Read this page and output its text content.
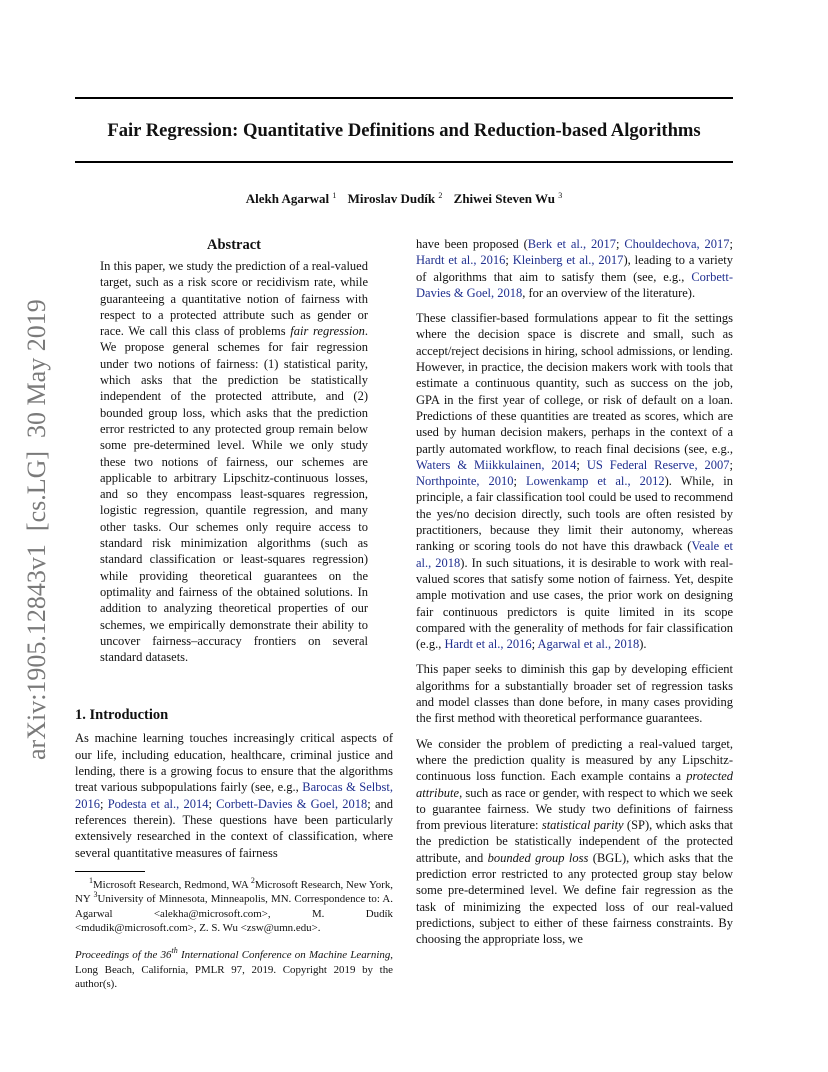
Fair Regression: Quantitative Definitions and Reduction-based Algorithms
Alekh Agarwal $^1$ Miroslav Dudík $^2$ Zhiwei Steven Wu $^3$
arXiv:1905.12843v1  [cs.LG]  30 May 2019
Abstract

In this paper, we study the prediction of a real-valued target, such as a risk score or recidivism rate, while guaranteeing a quantitative notion of fairness with respect to a protected attribute such as gender or race. We call this class of problems fair regression. We propose general schemes for fair regression under two notions of fairness: (1) statistical parity, which asks that the prediction be statistically independent of the protected attribute, and (2) bounded group loss, which asks that the prediction error restricted to any protected group remain below some pre-determined level. While we only study these two notions of fairness, our schemes are applicable to arbitrary Lipschitz-continuous losses, and so they encompass least-squares regression, logistic regression, quantile regression, and many other tasks. Our schemes only require access to standard risk minimization algorithms (such as standard classification or least-squares regression) while providing theoretical guarantees on the optimality and fairness of the obtained solutions. In addition to analyzing theoretical properties of our schemes, we empirically demonstrate their ability to uncover fairness–accuracy frontiers on several standard datasets.

1. Introduction

As machine learning touches increasingly critical aspects of our life, including education, healthcare, criminal justice and lending, there is a growing focus to ensure that the algorithms treat various subpopulations fairly (see, e.g., Barocas & Selbst, 2016; Podesta et al., 2014; Corbett-Davies & Goel, 2018; and references therein). These questions have been particularly extensively researched in the context of classification, where several quantitative measures of fairness

$^1$Microsoft Research, Redmond, WA $^2$Microsoft Research, New York, NY $^3$University of Minnesota, Minneapolis, MN. Correspondence to: A. Agarwal <alekha@microsoft.com>, M. Dudík <mdudik@microsoft.com>, Z. S. Wu <zsw@umn.edu>.

Proceedings of the 36th International Conference on Machine Learning, Long Beach, California, PMLR 97, 2019. Copyright 2019 by the author(s).

have been proposed (Berk et al., 2017; Chouldechova, 2017; Hardt et al., 2016; Kleinberg et al., 2017), leading to a variety of algorithms that aim to satisfy them (see, e.g., Corbett-Davies & Goel, 2018, for an overview of the literature).

These classifier-based formulations appear to fit the settings where the decision space is discrete and small, such as accept/reject decisions in hiring, school admissions, or lending. However, in practice, the decision makers work with tools that estimate a continuous quantity, such as success on the job, GPA in the first year of college, or risk of default on a loan. Predictions of these quantities are treated as scores, which are used by human decision makers, perhaps in the context of a partly automated workflow, to reach final decisions (see, e.g., Waters & Miikkulainen, 2014; US Federal Reserve, 2007; Northpointe, 2010; Lowenkamp et al., 2012). While, in principle, a fair classification tool could be used to recommend the yes/no decision directly, such tools are often resisted by practitioners, because they limit their autonomy, whereas ranking or scoring tools do not have this drawback (Veale et al., 2018). In such situations, it is desirable to work with real-valued scores that satisfy some notion of fairness. Yet, despite ample motivation and use cases, the prior work on designing fair continuous predictors is quite limited in its scope compared with the generality of methods for fair classification (e.g., Hardt et al., 2016; Agarwal et al., 2018).

This paper seeks to diminish this gap by developing efficient algorithms for a substantially broader set of regression tasks and model classes than done before, in many cases providing the first method with theoretical performance guarantees.

We consider the problem of predicting a real-valued target, where the prediction quality is measured by any Lipschitz-continuous loss function. Each example contains a protected attribute, such as race or gender, with respect to which we seek to guarantee fairness. We study two definitions of fairness from previous literature: statistical parity (SP), which asks that the prediction be statistically independent of the protected attribute, and bounded group loss (BGL), which asks that the prediction error restricted to any protected group stay below some pre-determined level. We define fair regression as the task of minimizing the expected loss of our real-valued predictions, subject to either of these fairness constraints. By choosing the appropriate loss, we
